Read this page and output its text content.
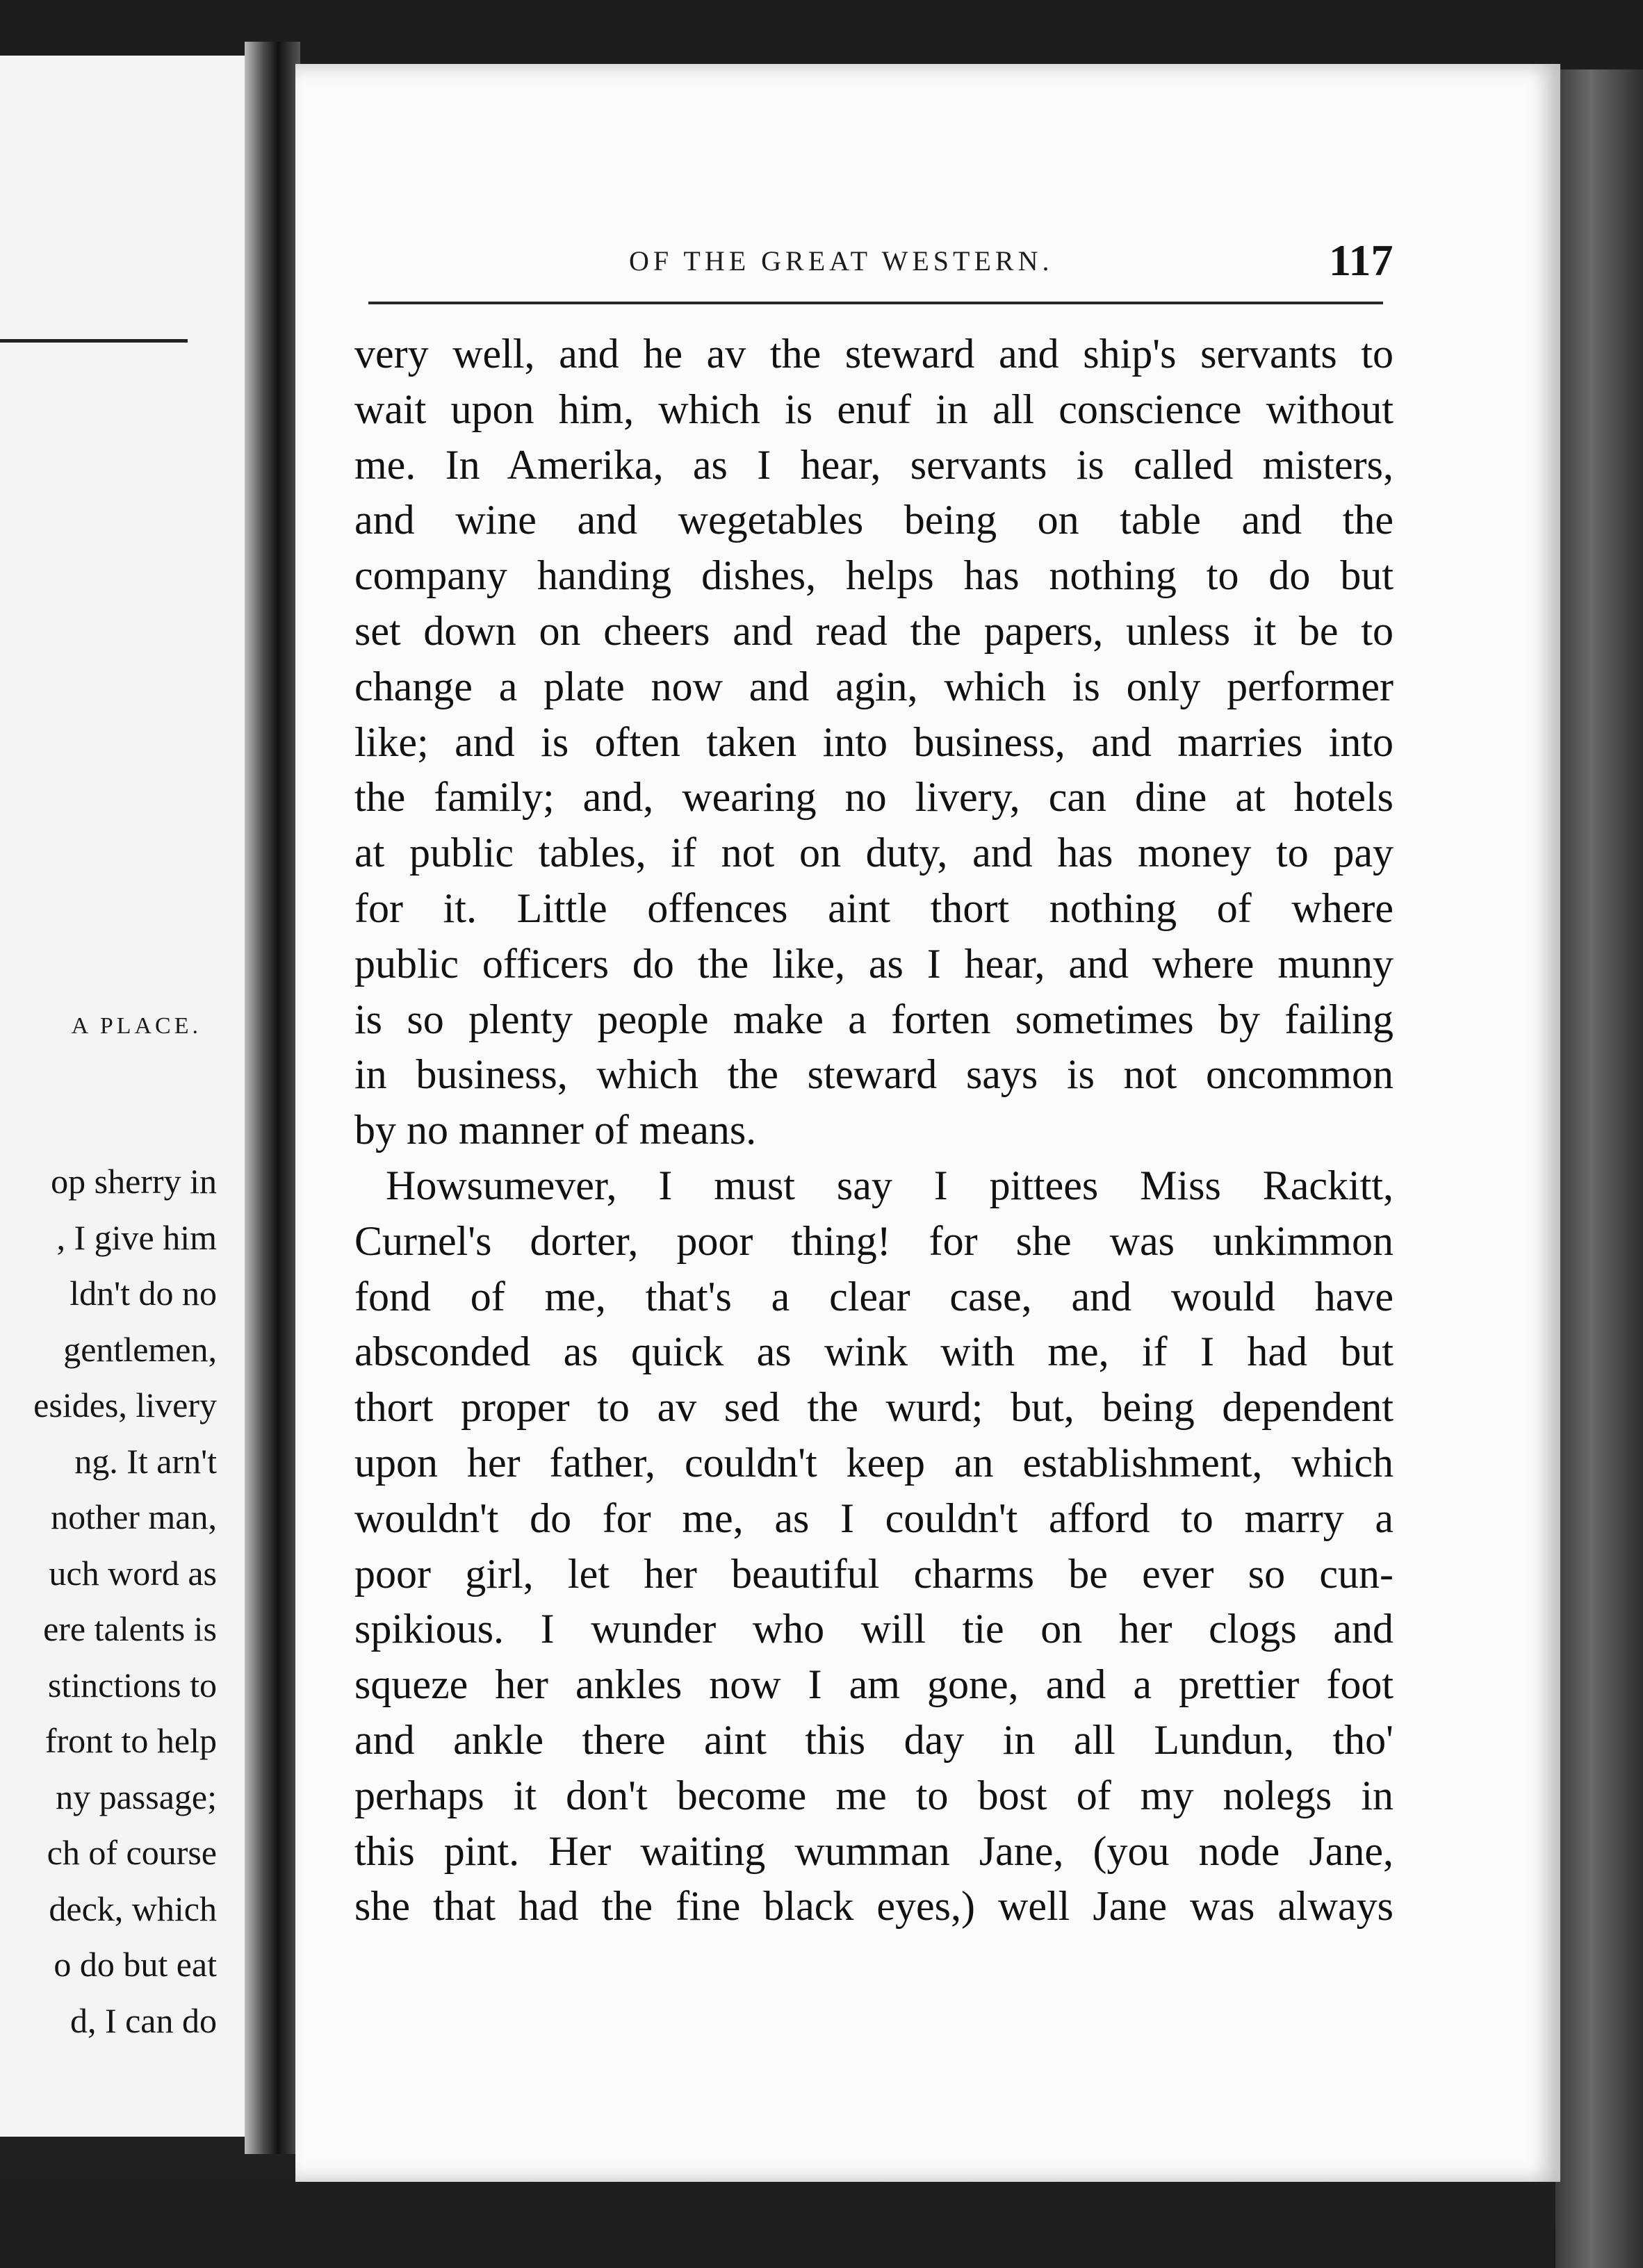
A PLACE.
op sherry in
, I give him
ldn't do no
gentlemen,
esides, livery
ng. It arn't
nother man,
uch word as
ere talents is
stinctions to
front to help
ny passage;
ch of course
deck, which
o do but eat
d, I can do
OF THE GREAT WESTERN.	117
very well, and he av the steward and ship's servants to
wait upon him, which is enuf in all conscience without
me. In Amerika, as I hear, servants is called misters,
and wine and wegetables being on table and the
company handing dishes, helps has nothing to do but
set down on cheers and read the papers, unless it be to
change a plate now and agin, which is only performer
like; and is often taken into business, and marries into
the family; and, wearing no livery, can dine at hotels
at public tables, if not on duty, and has money to pay
for it. Little offences aint thort nothing of where
public officers do the like, as I hear, and where munny
is so plenty people make a forten sometimes by failing
in business, which the steward says is not oncommon
by no manner of means.
Howsumever, I must say I pittees Miss Rackitt,
Curnel's dorter, poor thing! for she was unkimmon
fond of me, that's a clear case, and would have
absconded as quick as wink with me, if I had but
thort proper to av sed the wurd; but, being dependent
upon her father, couldn't keep an establishment, which
wouldn't do for me, as I couldn't afford to marry a
poor girl, let her beautiful charms be ever so cun-
spikious. I wunder who will tie on her clogs and
squeze her ankles now I am gone, and a prettier foot
and ankle there aint this day in all Lundun, tho'
perhaps it don't become me to bost of my nolegs in
this pint. Her waiting wumman Jane, (you node Jane,
she that had the fine black eyes,) well Jane was always
